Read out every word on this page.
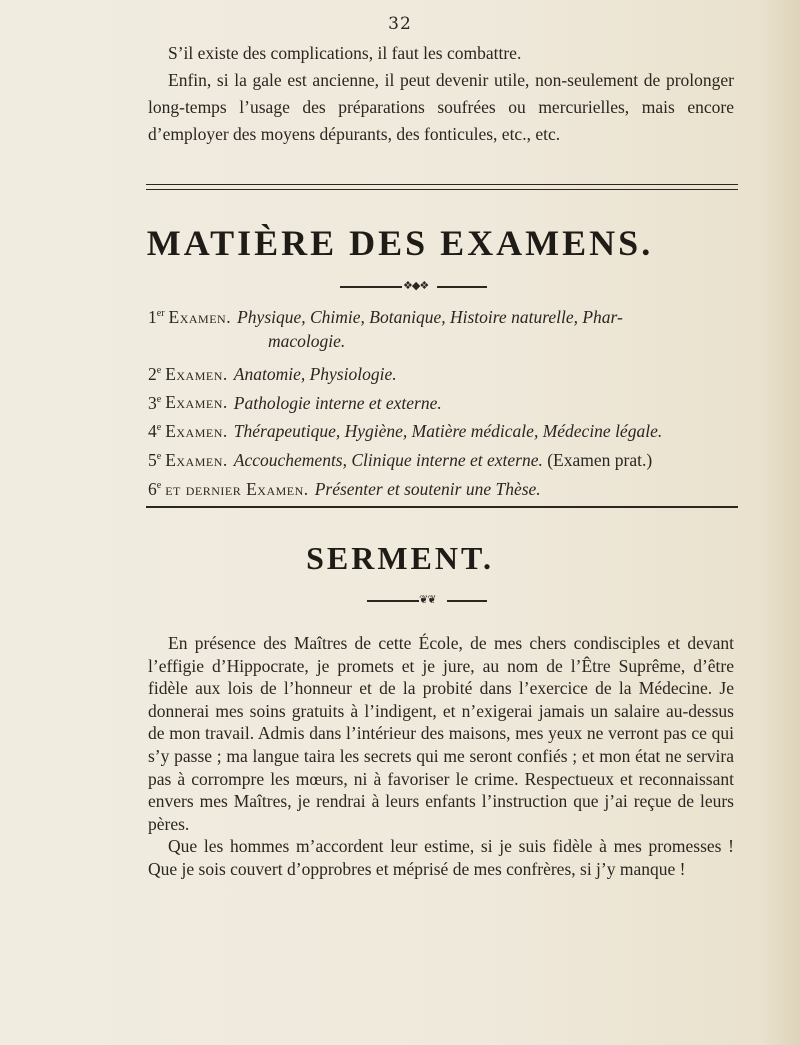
32

S’il existe des complications, il faut les combattre.

Enfin, si la gale est ancienne, il peut devenir utile, non-seulement de prolonger long-temps l’usage des préparations soufrées ou mercurielles, mais encore d’employer des moyens dépurants, des fonticules, etc., etc.

MATIÈRE DES EXAMENS.
❖◆❖
1er Examen. Physique, Chimie, Botanique, Histoire naturelle, Phar-
macologie.
2e Examen. Anatomie, Physiologie.
3e Examen. Pathologie interne et externe.
4e Examen. Thérapeutique, Hygiène, Matière médicale, Médecine légale.
5e Examen. Accouchements, Clinique interne et externe. (Examen prat.)
6e et dernier Examen. Présenter et soutenir une Thèse.
SERMENT.
❦❦

En présence des Maîtres de cette École, de mes chers condisciples et devant l’effigie d’Hippocrate, je promets et je jure, au nom de l’Être Suprême, d’être fidèle aux lois de l’honneur et de la probité dans l’exercice de la Médecine. Je donnerai mes soins gratuits à l’indigent, et n’exigerai jamais un salaire au-dessus de mon travail. Admis dans l’intérieur des maisons, mes yeux ne verront pas ce qui s’y passe ; ma langue taira les secrets qui me seront confiés ; et mon état ne servira pas à corrompre les mœurs, ni à favoriser le crime. Respectueux et reconnaissant envers mes Maîtres, je rendrai à leurs enfants l’instruction que j’ai reçue de leurs pères.

Que les hommes m’accordent leur estime, si je suis fidèle à mes promesses ! Que je sois couvert d’opprobres et méprisé de mes confrères, si j’y manque !
